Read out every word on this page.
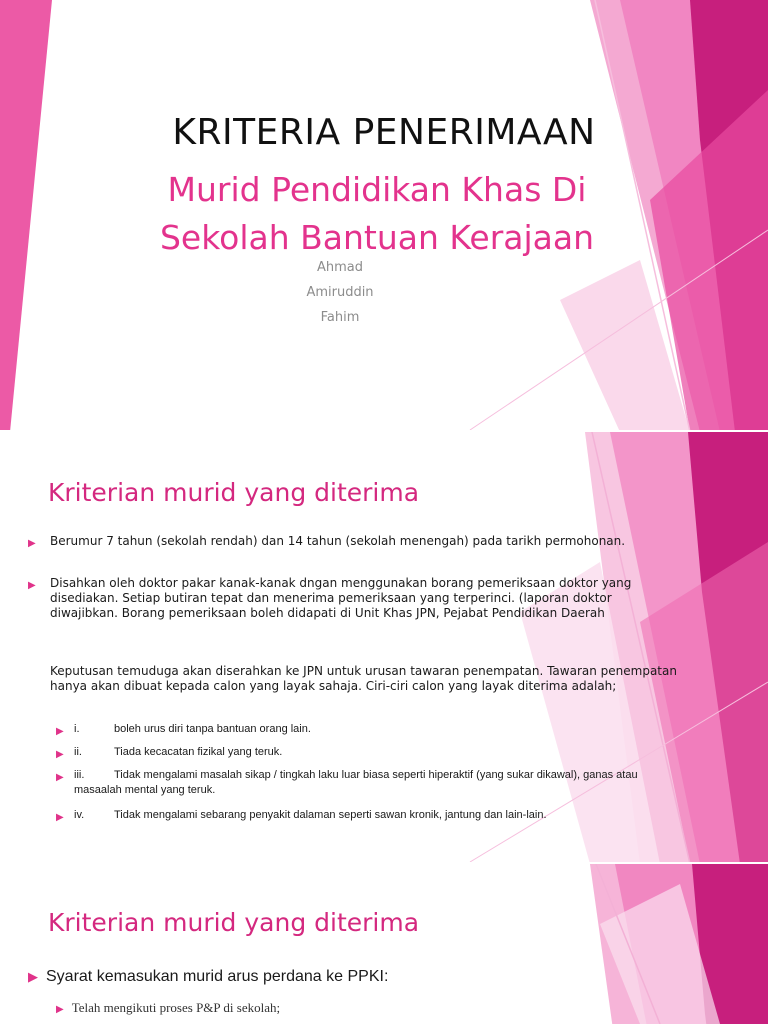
KRITERIA PENERIMAAN
Murid Pendidikan Khas Di
Sekolah Bantuan Kerajaan
Ahmad
Amiruddin
Fahim
Kriterian murid yang diterima
▶ Berumur 7 tahun (sekolah rendah) dan 14 tahun (sekolah menengah) pada tarikh permohonan.
▶ Disahkan oleh doktor pakar kanak-kanak dngan menggunakan borang pemeriksaan doktor yang disediakan. Setiap butiran tepat dan menerima pemeriksaan yang terperinci. (laporan doktor diwajibkan. Borang pemeriksaan boleh didapati di Unit Khas JPN, Pejabat Pendidikan Daerah
Keputusan temuduga akan diserahkan ke JPN untuk urusan tawaran penempatan. Tawaran penempatan hanya akan dibuat kepada calon yang layak sahaja. Ciri-ciri calon yang layak diterima adalah;
▶ i.	boleh urus diri tanpa bantuan orang lain.
▶ ii.	Tiada kecacatan fizikal yang teruk.
▶ iii.	Tidak mengalami masalah sikap / tingkah laku luar biasa seperti hiperaktif (yang sukar dikawal), ganas atau masaalah mental yang teruk.
▶ iv.	Tidak mengalami sebarang penyakit dalaman seperti sawan kronik, jantung dan lain-lain.
Kriterian murid yang diterima
▶ Syarat kemasukan murid arus perdana ke PPKI:
▶ Telah mengikuti proses P&P di sekolah;
